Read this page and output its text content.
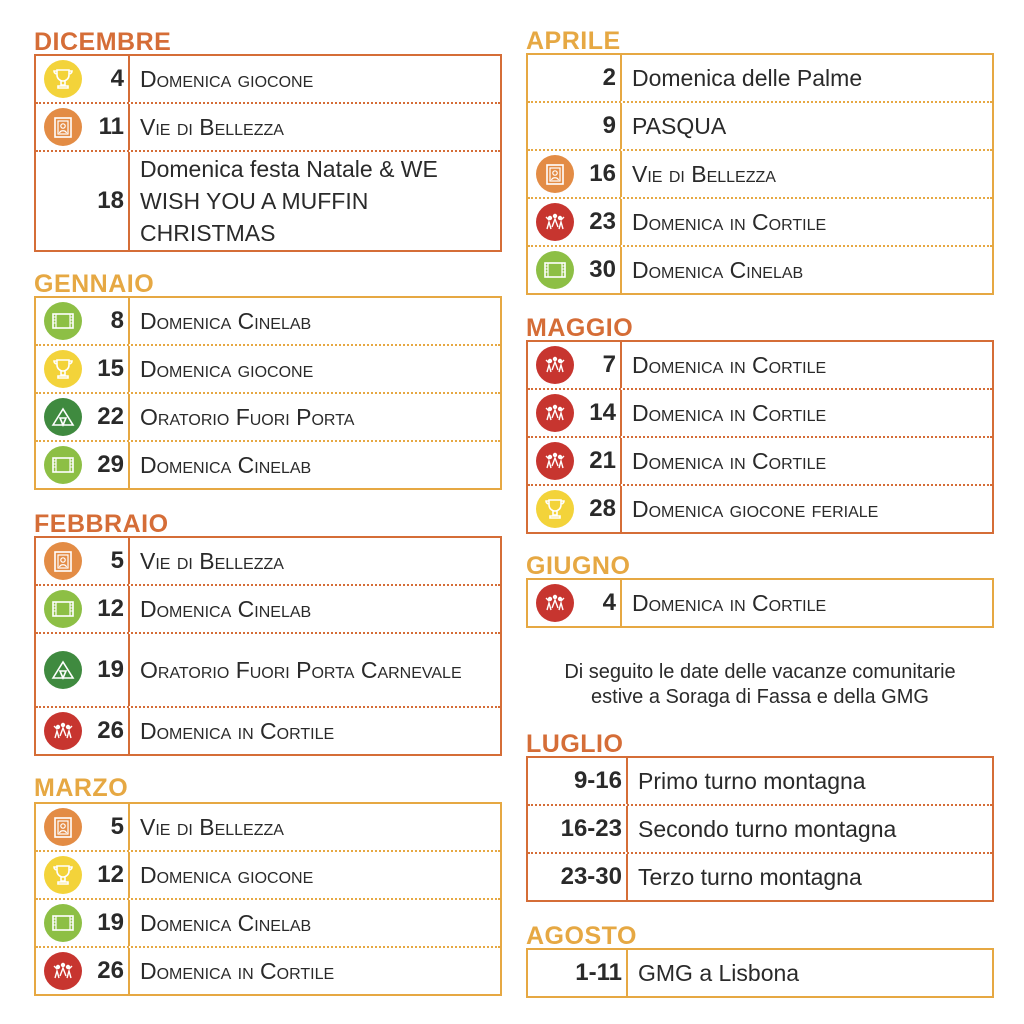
DICEMBRE
4 Domenica giocone
11 Vie di Bellezza
18
Domenica festa Natale & WE WISH YOU A MUFFIN CHRISTMAS
GENNAIO
8 Domenica Cinelab
15 Domenica giocone
22 Oratorio Fuori Porta
29 Domenica Cinelab
FEBBRAIO
5 Vie di Bellezza
12 Domenica Cinelab
19 Oratorio Fuori Porta Carnevale
26 Domenica in Cortile
MARZO
5 Vie di Bellezza
12 Domenica giocone
19 Domenica Cinelab
26 Domenica in Cortile
APRILE
2 Domenica delle Palme
9 PASQUA
16 Vie di Bellezza
23 Domenica in Cortile
30 Domenica Cinelab
MAGGIO
7 Domenica in Cortile
14 Domenica in Cortile
21 Domenica in Cortile
28 Domenica giocone feriale
GIUGNO
4 Domenica in Cortile
Di seguito le date delle vacanze comunitarie
estive a Soraga di Fassa e della GMG
LUGLIO
9-16 Primo turno montagna
16-23 Secondo turno montagna
23-30 Terzo turno montagna
AGOSTO
1-11 GMG a Lisbona
